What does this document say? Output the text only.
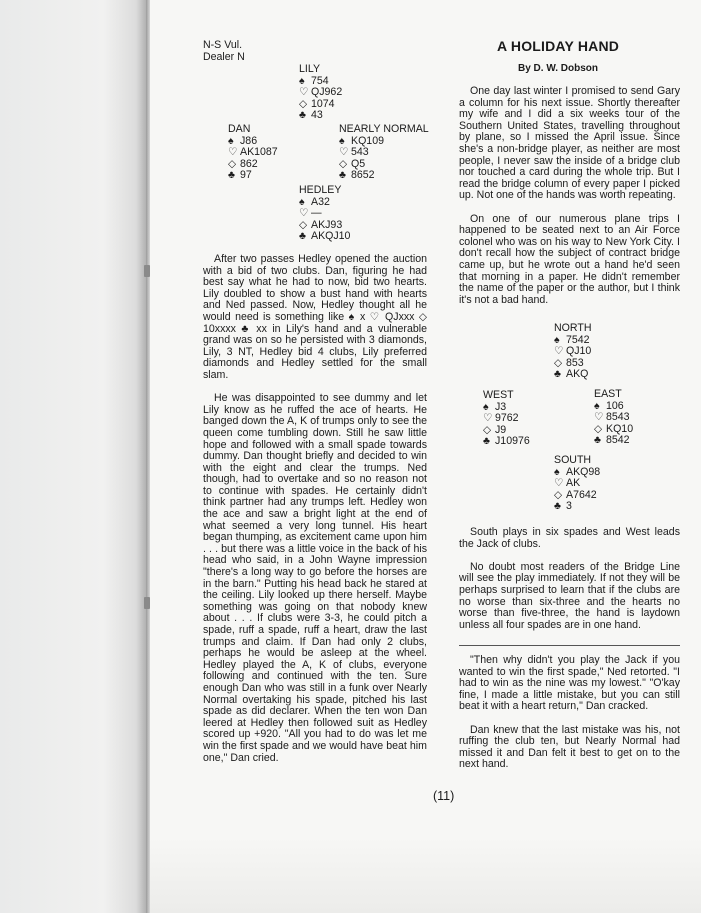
N-S Vul.
Dealer N
A HOLIDAY HAND
By D. W. Dobson
LILY
♠ 754
♡ QJ962
◇ 1074
♣ 43
DAN
♠ J86
♡ AK1087
◇ 862
♣ 97
NEARLY NORMAL
♠ KQ109
♡ 543
◇ Q5
♣ 8652
HEDLEY
♠ A32
♡ —
◇ AKJ93
♣ AKQJ10

After two passes Hedley opened the auction with a bid of two clubs. Dan, figuring he had best say what he had to now, bid two hearts. Lily doubled to show a bust hand with hearts and Ned passed. Now, Hedley thought all he would need is something like ♠ x ♡ QJxxx ◇ 10xxxx ♣ xx in Lily's hand and a vulnerable grand was on so he persisted with 3 diamonds, Lily, 3 NT, Hedley bid 4 clubs, Lily preferred diamonds and Hedley settled for the small slam.

He was disappointed to see dummy and let Lily know as he ruffed the ace of hearts. He banged down the A, K of trumps only to see the queen come tumbling down. Still he saw little hope and followed with a small spade towards dummy. Dan thought briefly and decided to win with the eight and clear the trumps. Ned though, had to overtake and so no reason not to continue with spades. He certainly didn't think partner had any trumps left. Hedley won the ace and saw a bright light at the end of what seemed a very long tunnel. His heart began thumping, as excitement came upon him . . . but there was a little voice in the back of his head who said, in a John Wayne impression "there's a long way to go before the horses are in the barn." Putting his head back he stared at the ceiling. Lily looked up there herself. Maybe something was going on that nobody knew about . . . If clubs were 3-3, he could pitch a spade, ruff a spade, ruff a heart, draw the last trumps and claim. If Dan had only 2 clubs, perhaps he would be asleep at the wheel. Hedley played the A, K of clubs, everyone following and continued with the ten. Sure enough Dan who was still in a funk over Nearly Normal overtaking his spade, pitched his last spade as did declarer. When the ten won Dan leered at Hedley then followed suit as Hedley scored up +920. "All you had to do was let me win the first spade and we would have beat him one," Dan cried.

One day last winter I promised to send Gary a column for his next issue. Shortly thereafter my wife and I did a six weeks tour of the Southern United States, travelling throughout by plane, so I missed the April issue. Since she's a non-bridge player, as neither are most people, I never saw the inside of a bridge club nor touched a card during the whole trip. But I read the bridge column of every paper I picked up. Not one of the hands was worth repeating.

On one of our numerous plane trips I happened to be seated next to an Air Force colonel who was on his way to New York City. I don't recall how the subject of contract bridge came up, but he wrote out a hand he'd seen that morning in a paper. He didn't remember the name of the paper or the author, but I think it's not a bad hand.

NORTH
♠ 7542
♡ QJ10
◇ 853
♣ AKQ
WEST
♠ J3
♡ 9762
◇ J9
♣ J10976
EAST
♠ 106
♡ 8543
◇ KQ10
♣ 8542
SOUTH
♠ AKQ98
♡ AK
◇ A7642
♣ 3

South plays in six spades and West leads the Jack of clubs.

No doubt most readers of the Bridge Line will see the play immediately. If not they will be perhaps surprised to learn that if the clubs are no worse than six-three and the hearts no worse than five-three, the hand is laydown unless all four spades are in one hand.

"Then why didn't you play the Jack if you wanted to win the first spade," Ned retorted. "I had to win as the nine was my lowest." "O'kay fine, I made a little mistake, but you can still beat it with a heart return," Dan cracked.

Dan knew that the last mistake was his, not ruffing the club ten, but Nearly Normal had missed it and Dan felt it best to get on to the next hand.

(11)
